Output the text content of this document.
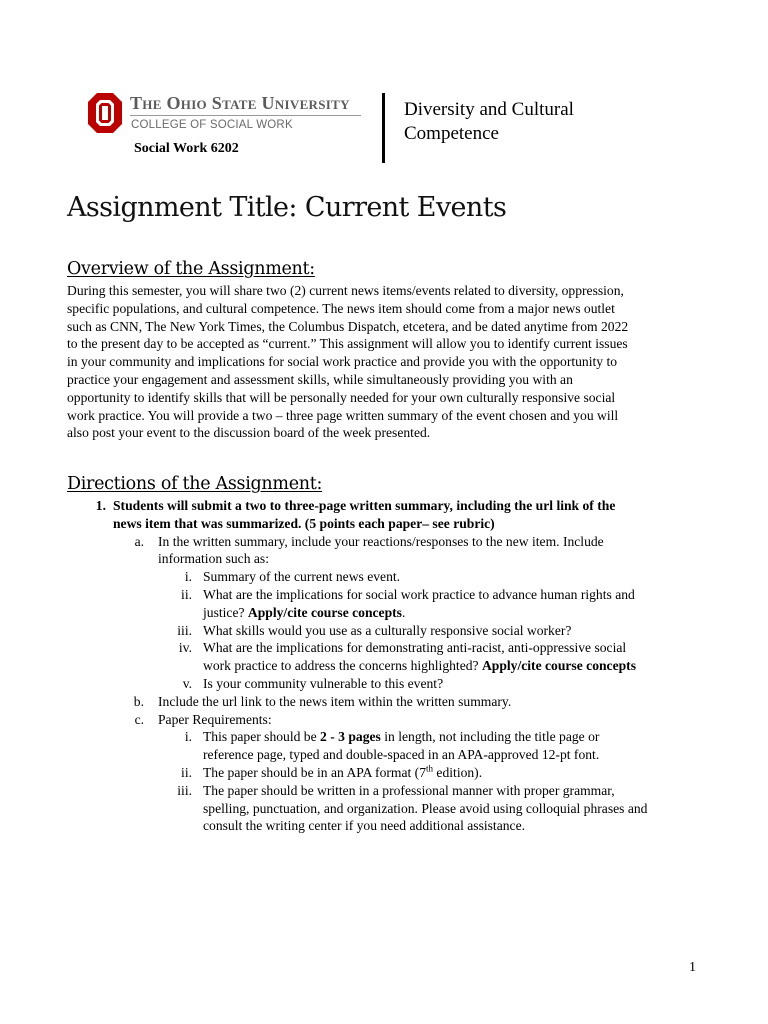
The Ohio State University
COLLEGE OF SOCIAL WORK
Social Work 6202
Diversity and Cultural Competence
Assignment Title: Current Events
Overview of the Assignment:
During this semester, you will share two (2) current news items/events related to diversity, oppression,
specific populations, and cultural competence. The news item should come from a major news outlet
such as CNN, The New York Times, the Columbus Dispatch, etcetera, and be dated anytime from 2022
to the present day to be accepted as “current.” This assignment will allow you to identify current issues
in your community and implications for social work practice and provide you with the opportunity to
practice your engagement and assessment skills, while simultaneously providing you with an
opportunity to identify skills that will be personally needed for your own culturally responsive social
work practice. You will provide a two – three page written summary of the event chosen and you will
also post your event to the discussion board of the week presented.
Directions of the Assignment:
1. Students will submit a two to three-page written summary, including the url link of the
news item that was summarized. (5 points each paper– see rubric)
a. In the written summary, include your reactions/responses to the new item. Include
information such as:
i. Summary of the current news event.
ii. What are the implications for social work practice to advance human rights and
justice? Apply/cite course concepts.
iii. What skills would you use as a culturally responsive social worker?
iv. What are the implications for demonstrating anti-racist, anti-oppressive social
work practice to address the concerns highlighted? Apply/cite course concepts
v. Is your community vulnerable to this event?
b. Include the url link to the news item within the written summary.
c. Paper Requirements:
i. This paper should be 2 - 3 pages in length, not including the title page or
reference page, typed and double-spaced in an APA-approved 12-pt font.
ii. The paper should be in an APA format (7th edition).
iii. The paper should be written in a professional manner with proper grammar,
spelling, punctuation, and organization. Please avoid using colloquial phrases and
consult the writing center if you need additional assistance.
1
